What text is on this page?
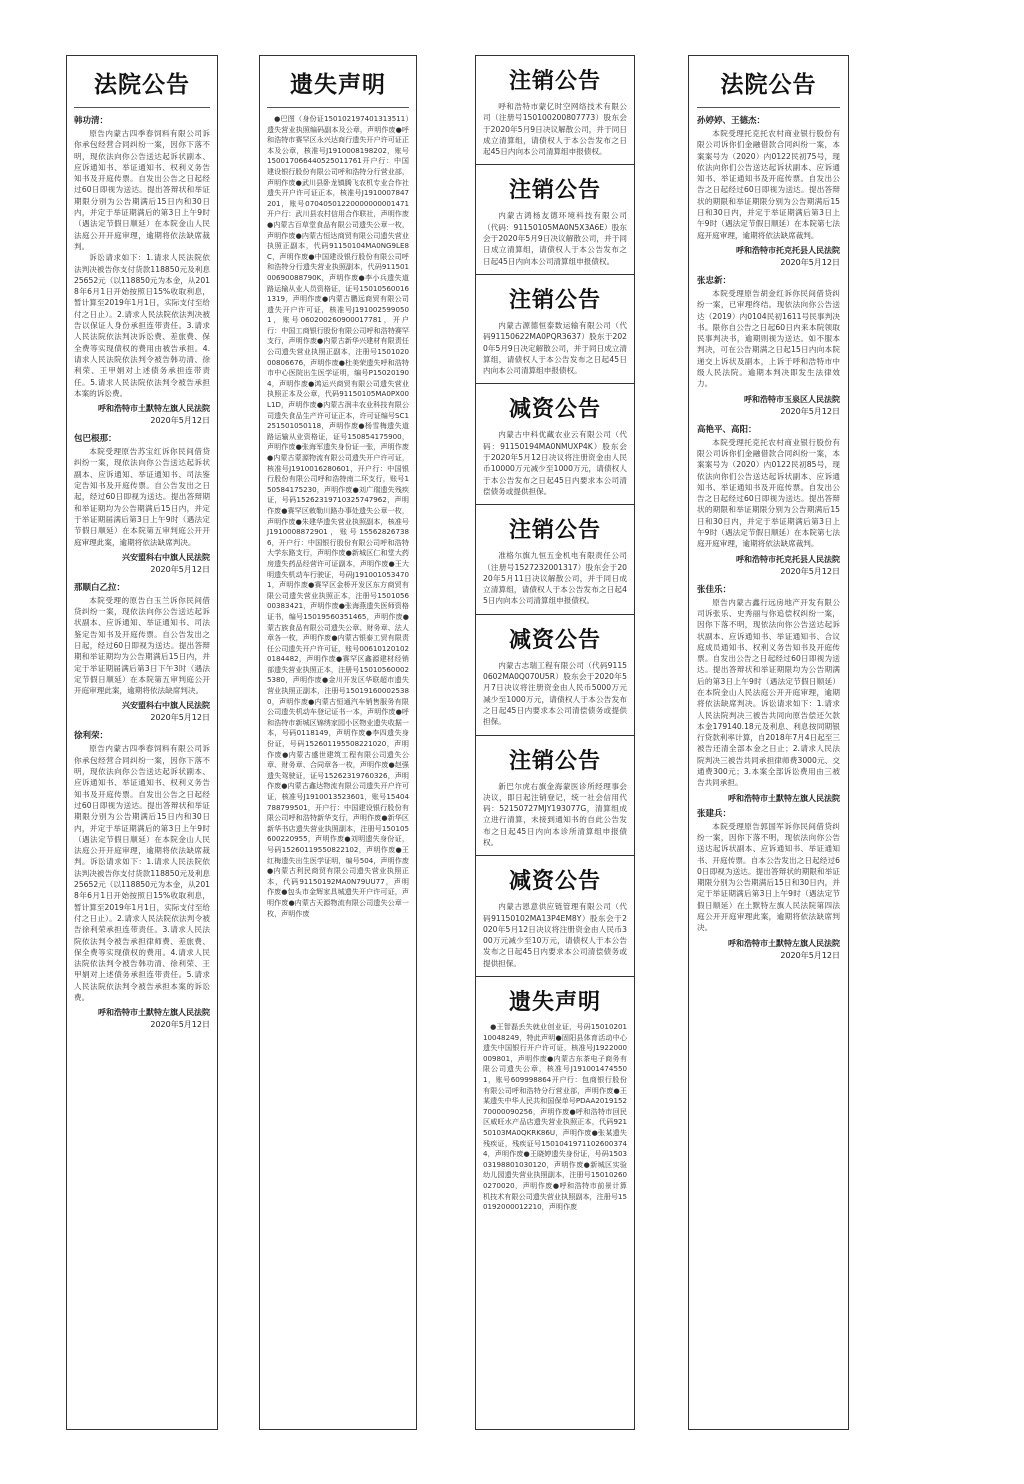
法院公告
韩功清：

原告内蒙古四季春饲料有限公司诉你承包经营合同纠纷一案，因你下落不明，现依法向你公告送达起诉状副本、应诉通知书、举证通知书、权利义务告知书及开庭传票。自发出公告之日起经过60日即视为送达。提出答辩状和举证期限分别为公告期满后15日内和30日内，并定于举证期满后的第3日上午9时（遇法定节假日顺延）在本院金山人民法庭公开开庭审理，逾期将依法缺席裁判。

诉讼请求如下：1.请求人民法院依法判决被告你支付货款118850元及利息25652元（以118850元为本金，从2018年6月1日开始按照日15%收取利息，暂计算至2019年1月1日，实际支付至给付之日止）。2.请求人民法院依法判决被告以保证人身份承担连带责任。3.请求人民法院依法判决诉讼费、差旅费、保全费等实现债权的费用由被告承担。4.请求人民法院依法判令被告韩功清、徐利荣、王甲娟对上述债务承担连带责任。5.请求人民法院依法判令被告承担本案的诉讼费。

呼和浩特市土默特左旗人民法院
2020年5月12日
包巴根那：

本院受理原告苏宝红诉你民间借贷纠纷一案，现依法向你公告送达起诉状副本、应诉通知、举证通知书、司法鉴定告知书及开庭传票。自公告发出之日起，经过60日即视为送达。提出答辩期和举证期均为公告期满后15日内，并定于举证期届满后第3日上午9时（遇法定节假日顺延）在本院第五审判庭公开开庭审理此案，逾期将依法缺席判决。

兴安盟科右中旗人民法院
2020年5月12日
那顺白乙拉：

本院受理的原告白玉兰诉你民间借贷纠纷一案，现依法向你公告送达起诉状副本、应诉通知、举证通知书、司法鉴定告知书及开庭传票。自公告发出之日起，经过60日即视为送达。提出答辩期和举证期均为公告期满后15日内，并定于举证期届满后第3日下午3时（遇法定节假日顺延）在本院第五审判庭公开开庭审理此案，逾期将依法缺席判决。

兴安盟科右中旗人民法院
2020年5月12日
徐利荣：

原告内蒙古四季春饲料有限公司诉你承包经营合同纠纷一案，因你下落不明，现依法向你公告送达起诉状副本、应诉通知书、举证通知书、权利义务告知书及开庭传票。自发出公告之日起经过60日即视为送达。提出答辩状和举证期限分别为公告期满后15日内和30日内，并定于举证期满后的第3日上午9时（遇法定节假日顺延）在本院金山人民法庭公开开庭审理，逾期将依法缺席裁判。诉讼请求如下：1.请求人民法院依法判决被告你支付货款118850元及利息25652元（以118850元为本金，从2018年6月1日开始按照日15%收取利息，暂计算至2019年1月1日，实际支付至给付之日止）。2.请求人民法院依法判令被告徐利荣承担连带责任。3.请求人民法院依法判令被告承担律师费、差旅费、保全费等实现债权的费用。4.请求人民法院依法判令被告韩功清、徐利荣、王甲娟对上述债务承担连带责任。5.请求人民法院依法判令被告承担本案的诉讼费。

呼和浩特市土默特左旗人民法院
2020年5月12日
遗失声明

●巴图（身份证150102197401313511）遗失营业执照编码副本及公章，声明作废●呼和浩特市赛罕区永兴达商行遗失开户许可证正本及公章，核准号J1910008198202，账号150017066440525011761开户行：中国建设银行股份有限公司呼和浩特分行营业部，声明作废●武川县卧龙镇腾飞农机专业合作社遗失开户许可证正本，核准号J1910007847201，账号07040501220000000001471开户行：武川县农村信用合作联社，声明作废●内蒙古百草堂食品有限公司遗失公章一枚，声明作废●内蒙古恒达商贸有限公司遗失营业执照正副本，代码91150104MA0NG9LE8C，声明作废●中国建设银行股份有限公司呼和浩特分行遗失营业执照副本，代码91150100690088790K，声明作废●李小兵遗失道路运输从业人员资格证，证号150105600161319，声明作废●内蒙古鹏远商贸有限公司遗失开户许可证，核准号J1910025990501，账号060200260900017781，开户行：中国工商银行股份有限公司呼和浩特赛罕支行，声明作废●内蒙古新华兴建材有限责任公司遗失营业执照正副本，注册号150102000806676，声明作废●杜美荣遗失呼和浩特市中心医院出生医学证明，编号P150201904，声明作废●鸿运兴商贸有限公司遗失营业执照正本及公章，代码91150105MA0PX00L1D，声明作废●内蒙古润丰农业科技有限公司遗失食品生产许可证正本，许可证编号SC1251501050118，声明作废●杨雪梅遗失道路运输从业资格证，证号150854175900，声明作废●张海军遗失身份证一张，声明作废●内蒙古蒙源物流有限公司遗失开户许可证，核准号J1910016280601，开户行：中国银行股份有限公司呼和浩特南二环支行，账号150584175230，声明作废●刘广瑞遗失残疾证，号码15262319710325747962，声明作废●赛罕区敕勒川路办事处遗失公章一枚，声明作废●朱建华遗失营业执照副本，核准号J1910008872901，账号155628267386，开户行：中国银行股份有限公司呼和浩特大学东路支行，声明作废●新城区仁和堂大药房遗失药品经营许可证副本，声明作废●王大明遗失机动车行驶证，号码J1910010534701，声明作废●赛罕区金桥开发区东方商贸有限公司遗失营业执照正本，注册号150105600383421，声明作废●张海燕遗失医师资格证书，编号15019560351465，声明作废●蒙古族食品有限公司遗失公章、财务章、法人章各一枚，声明作废●内蒙古银泰工贸有限责任公司遗失开户许可证，账号006101201020184482，声明作废●赛罕区鑫源建材经销部遗失营业执照正本，注册号150105600025380，声明作废●金川开发区华联超市遗失营业执照正副本，注册号150191600025380，声明作废●内蒙古恒通汽车销售服务有限公司遗失机动车登记证书一本，声明作废●呼和浩特市新城区锦绣家园小区物业遗失收据一本，号码0118149，声明作废●李四遗失身份证，号码152601195508221020，声明作废●内蒙古盛世建筑工程有限公司遗失公章、财务章、合同章各一枚，声明作废●赵强遗失驾驶证，证号15262319760326，声明作废●内蒙古鑫达物流有限公司遗失开户许可证，核准号J1910013523601，账号15404788799501，开户行：中国建设银行股份有限公司呼和浩特新华支行，声明作废●新华区新华书店遗失营业执照副本，注册号150105600220955，声明作废●刘明遗失身份证，号码15260119550822102，声明作废●王红梅遗失出生医学证明，编号504，声明作废●内蒙古利民商贸有限公司遗失营业执照正本，代码91150192MA0N79UU77，声明作废●包头市金辉家具城遗失开户许可证，声明作废●内蒙古天源物流有限公司遗失公章一枚，声明作废

注销公告

呼和浩特市蒙亿时空网络技术有限公司（注册号150100200807773）股东会于2020年5月9日决议解散公司，并于同日成立清算组，请债权人于本公告发布之日起45日内向本公司清算组申报债权。

注销公告

内蒙古鸿杨友德环境科技有限公司（代码：91150105MA0N5X3A6E）股东会于2020年5月9日决议解散公司，并于同日成立清算组，请债权人于本公告发布之日起45日内向本公司清算组申报债权。

注销公告

内蒙古源德恒泰数运输有限公司（代码91150622MA0PQR3637）股东于2020年5月9日决定解散公司，并于同日成立清算组，请债权人于本公告发布之日起45日内向本公司清算组申报债权。

减资公告

内蒙古中科优藏农业云有限公司（代码：91150194MA0NMUXP4K）股东会于2020年5月12日决议将注册资金由人民币10000万元减少至1000万元，请债权人于本公告发布之日起45日内要求本公司清偿债务或提供担保。

注销公告

准格尔旗九恒五金机电有限责任公司（注册号1527232001317）股东会于2020年5月11日决议解散公司，并于同日成立清算组，请债权人于本公告发布之日起45日内向本公司清算组申报债权。

减资公告

内蒙古志瑞工程有限公司（代码91150602MA0Q070U5R）股东会于2020年5月7日决议将注册资金由人民币5000万元减少至1000万元，请债权人于本公告发布之日起45日内要求本公司清偿债务或提供担保。

注销公告

新巴尔虎右旗金海蒙医诊所经理事会决议，即日起注销登记，统一社会信用代码：52150727MJY193077G，清算组成立进行清算，未接到通知书的自此公告发布之日起45日内向本诊所清算组申报债权。

减资公告

内蒙古恩意供应链管理有限公司（代码91150102MA13P4EM8Y）股东会于2020年5月12日决议将注册资金由人民币300万元减少至10万元，请债权人于本公告发布之日起45日内要求本公司清偿债务或提供担保。

遗失声明

●王智磊丢失就业创业证，号码1501020110048249，特此声明●固阳县体育活动中心遗失中国银行开户许可证，核准号J1922000009801，声明作废●内蒙古东茶电子商务有限公司遗失公章，核准号J1910014745501，账号609998864开户行：包商银行股份有限公司呼和浩特分行营业部，声明作废●王某遗失中华人民共和国保单号PDAA201915270000090256，声明作废●呼和浩特市回民区威旺水产品店遗失营业执照正本，代码92150103MA0QKRK86U，声明作废●张某遗失残疾证，残疾证号15010419711026003744，声明作废●王晓婷遗失身份证，号码150303198801030120，声明作废●新城区实验幼儿园遗失营业执照副本，注册号150102600270020，声明作废●呼和浩特市前景计算机技术有限公司遗失营业执照副本，注册号150192000012210，声明作废

法院公告
孙婷婷、王德杰：

本院受理托克托农村商业银行股份有限公司诉你们金融借款合同纠纷一案，本案案号为（2020）内0122民初75号，现依法向你们公告送达起诉状副本、应诉通知书、举证通知书及开庭传票。自发出公告之日起经过60日即视为送达。提出答辩状的期限和举证期限分别为公告期满后15日和30日内，并定于举证期满后第3日上午9时（遇法定节假日顺延）在本院第七法庭开庭审理，逾期将依法缺席裁判。

呼和浩特市托克托县人民法院
2020年5月12日
张忠新：

本院受理原告胡金红诉你民间借贷纠纷一案，已审理终结。现依法向你公告送达（2019）内0104民初1611号民事判决书。限你自公告之日起60日内来本院领取民事判决书，逾期则视为送达。如不服本判决，可在公告期满之日起15日内向本院递交上诉状及副本，上诉于呼和浩特市中级人民法院。逾期本判决即发生法律效力。

呼和浩特市玉泉区人民法院
2020年5月12日
高艳平、高阳：

本院受理托克托农村商业银行股份有限公司诉你们金融借款合同纠纷一案，本案案号为（2020）内0122民初85号，现依法向你们公告送达起诉状副本、应诉通知书、举证通知书及开庭传票。自发出公告之日起经过60日即视为送达。提出答辩状的期限和举证期限分别为公告期满后15日和30日内，并定于举证期满后第3日上午9时（遇法定节假日顺延）在本院第七法庭开庭审理，逾期将依法缺席裁判。

呼和浩特市托克托县人民法院
2020年5月12日
张佳乐：

原告内蒙古鑫行远房地产开发有限公司诉张乐、史秀丽与你追偿权纠纷一案，因你下落不明，现依法向你公告送达起诉状副本、应诉通知书、举证通知书、合议庭成员通知书、权利义务告知书及开庭传票。自发出公告之日起经过60日即视为送达。提出答辩状和举证期限均为公告期满后的第3日上午9时（遇法定节假日顺延）在本院金山人民法庭公开开庭审理，逾期将依法缺席判决。诉讼请求如下：1.请求人民法院判决三被告共同向原告偿还欠款本金179140.18元及利息、利息按同期银行贷款利率计算，自2018年7月4日起至三被告还清全部本金之日止；2.请求人民法院判决三被告共同承担律师费3000元、交通费300元；3.本案全部诉讼费用由三被告共同承担。

呼和浩特市土默特左旗人民法院
张建兵：

本院受理原告郭国军诉你民间借贷纠纷一案，因你下落不明，现依法向你公告送达起诉状副本、应诉通知书、举证通知书、开庭传票。自本公告发出之日起经过60日即视为送达。提出答辩状的期限和举证期限分别为公告期满后15日和30日内，并定于举证期满后第3日上午9时（遇法定节假日顺延）在土默特左旗人民法院第四法庭公开开庭审理此案，逾期将依法缺席判决。

呼和浩特市土默特左旗人民法院
2020年5月12日
